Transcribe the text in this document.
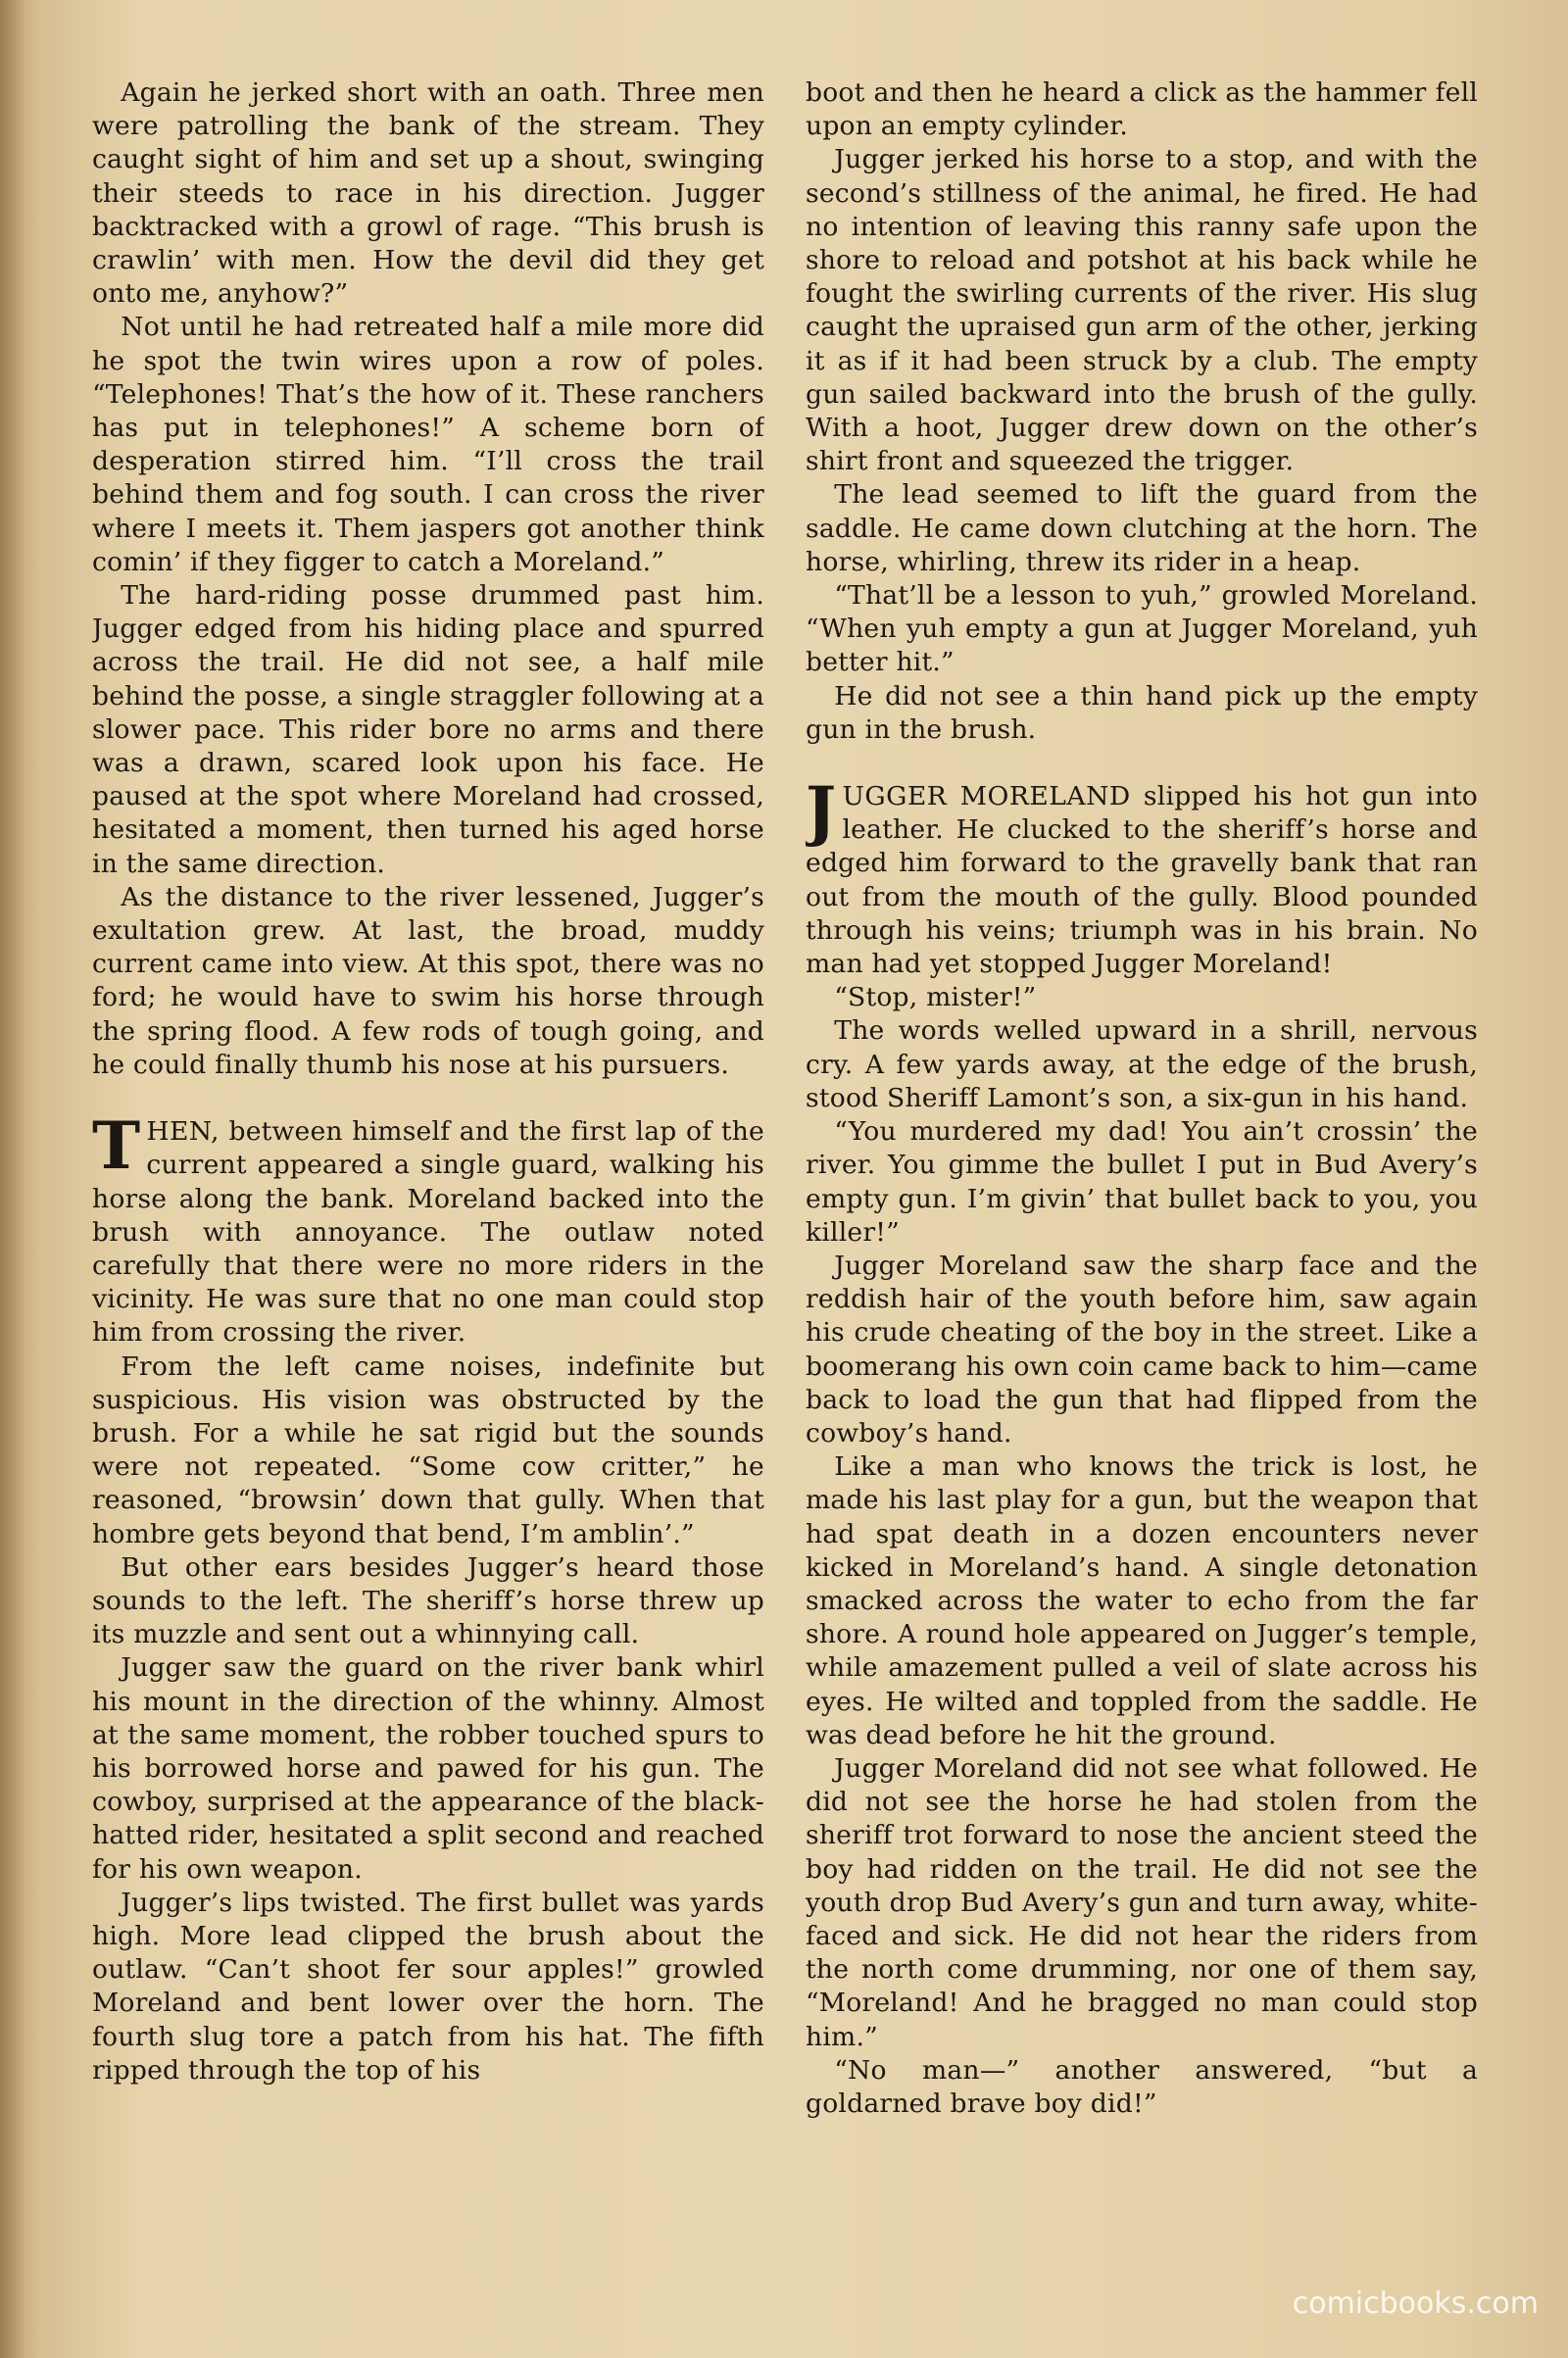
Again he jerked short with an oath. Three men were patrolling the bank of the stream. They caught sight of him and set up a shout, swinging their steeds to race in his direction. Jugger backtracked with a growl of rage. “This brush is crawlin’ with men. How the devil did they get onto me, anyhow?”

Not until he had retreated half a mile more did he spot the twin wires upon a row of poles. “Telephones! That’s the how of it. These ranchers has put in telephones!” A scheme born of desperation stirred him. “I’ll cross the trail behind them and fog south. I can cross the river where I meets it. Them jaspers got another think comin’ if they figger to catch a Moreland.”

The hard-riding posse drummed past him. Jugger edged from his hiding place and spurred across the trail. He did not see, a half mile behind the posse, a single straggler following at a slower pace. This rider bore no arms and there was a drawn, scared look upon his face. He paused at the spot where Moreland had crossed, hesitated a moment, then turned his aged horse in the same direction.

As the distance to the river lessened, Jugger’s exultation grew. At last, the broad, muddy current came into view. At this spot, there was no ford; he would have to swim his horse through the spring flood. A few rods of tough going, and he could finally thumb his nose at his pursuers.

THEN, between himself and the first lap of the current appeared a single guard, walking his horse along the bank. Moreland backed into the brush with annoyance. The outlaw noted carefully that there were no more riders in the vicinity. He was sure that no one man could stop him from crossing the river.

From the left came noises, indefinite but suspicious. His vision was obstructed by the brush. For a while he sat rigid but the sounds were not repeated. “Some cow critter,” he reasoned, “browsin’ down that gully. When that hombre gets beyond that bend, I’m amblin’.”

But other ears besides Jugger’s heard those sounds to the left. The sheriff’s horse threw up its muzzle and sent out a whinnying call.

Jugger saw the guard on the river bank whirl his mount in the direction of the whinny. Almost at the same moment, the robber touched spurs to his borrowed horse and pawed for his gun. The cowboy, surprised at the appearance of the black-hatted rider, hesitated a split second and reached for his own weapon.

Jugger’s lips twisted. The first bullet was yards high. More lead clipped the brush about the outlaw. “Can’t shoot fer sour apples!” growled Moreland and bent lower over the horn. The fourth slug tore a patch from his hat. The fifth ripped through the top of his

boot and then he heard a click as the hammer fell upon an empty cylinder.

Jugger jerked his horse to a stop, and with the second’s stillness of the animal, he fired. He had no intention of leaving this ranny safe upon the shore to reload and potshot at his back while he fought the swirling currents of the river. His slug caught the upraised gun arm of the other, jerking it as if it had been struck by a club. The empty gun sailed backward into the brush of the gully. With a hoot, Jugger drew down on the other’s shirt front and squeezed the trigger.

The lead seemed to lift the guard from the saddle. He came down clutching at the horn. The horse, whirling, threw its rider in a heap.

“That’ll be a lesson to yuh,” growled Moreland. “When yuh empty a gun at Jugger Moreland, yuh better hit.”

He did not see a thin hand pick up the empty gun in the brush.

JUGGER MORELAND slipped his hot gun into leather. He clucked to the sheriff’s horse and edged him forward to the gravelly bank that ran out from the mouth of the gully. Blood pounded through his veins; triumph was in his brain. No man had yet stopped Jugger Moreland!

“Stop, mister!”

The words welled upward in a shrill, nervous cry. A few yards away, at the edge of the brush, stood Sheriff Lamont’s son, a six-gun in his hand.

“You murdered my dad! You ain’t crossin’ the river. You gimme the bullet I put in Bud Avery’s empty gun. I’m givin’ that bullet back to you, you killer!”

Jugger Moreland saw the sharp face and the reddish hair of the youth before him, saw again his crude cheating of the boy in the street. Like a boomerang his own coin came back to him—came back to load the gun that had flipped from the cowboy’s hand.

Like a man who knows the trick is lost, he made his last play for a gun, but the weapon that had spat death in a dozen encounters never kicked in Moreland’s hand. A single detonation smacked across the water to echo from the far shore. A round hole appeared on Jugger’s temple, while amazement pulled a veil of slate across his eyes. He wilted and toppled from the saddle. He was dead before he hit the ground.

Jugger Moreland did not see what followed. He did not see the horse he had stolen from the sheriff trot forward to nose the ancient steed the boy had ridden on the trail. He did not see the youth drop Bud Avery’s gun and turn away, white-faced and sick. He did not hear the riders from the north come drumming, nor one of them say, “Moreland! And he bragged no man could stop him.”

“No man—” another answered, “but a goldarned brave boy did!”

comicbooks.com
